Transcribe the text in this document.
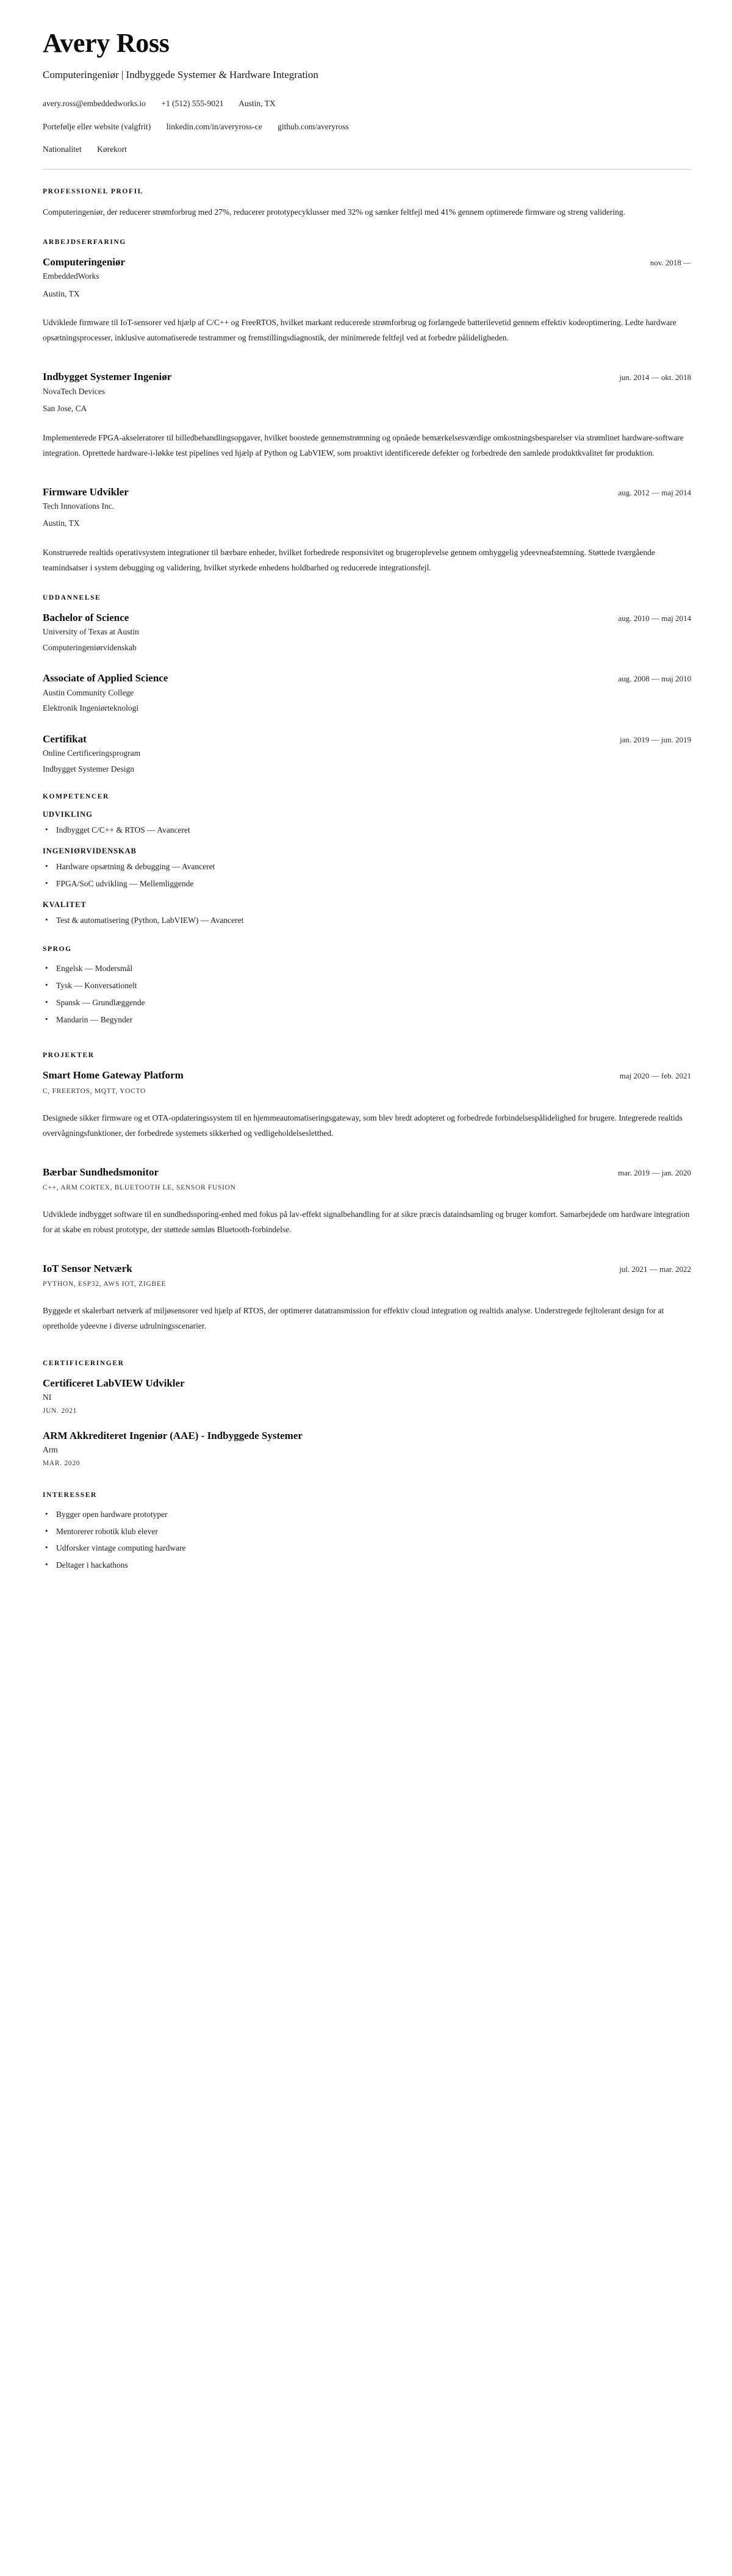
Avery Ross
Computeringeniør | Indbyggede Systemer & Hardware Integration
avery.ross@embeddedworks.io +1 (512) 555-9021 Austin, TX
Portefølje eller website (valgfrit) linkedin.com/in/averyross-ce github.com/averyross
Nationalitet Kørekort
PROFESSIONEL PROFIL

Computeringeniør, der reducerer strømforbrug med 27%, reducerer prototypecyklusser med 32% og sænker feltfejl med 41% gennem optimerede firmware og streng validering.

ARBEJDSERFARING
Computeringeniør	nov. 2018 —
EmbeddedWorks
Austin, TX

Udviklede firmware til IoT-sensorer ved hjælp af C/C++ og FreeRTOS, hvilket markant reducerede strømforbrug og forlængede batterilevetid gennem effektiv kodeoptimering. Ledte hardware opsætningsprocesser, inklusive automatiserede testrammer og fremstillingsdiagnostik, der minimerede feltfejl ved at forbedre pålideligheden.

Indbygget Systemer Ingeniør	jun. 2014 — okt. 2018
NovaTech Devices
San Jose, CA

Implementerede FPGA-akseleratorer til billedbehandlingsopgaver, hvilket boostede gennemstrømning og opnåede bemærkelsesværdige omkostningsbesparelser via strømlinet hardware-software integration. Oprettede hardware-i-løkke test pipelines ved hjælp af Python og LabVIEW, som proaktivt identificerede defekter og forbedrede den samlede produktkvalitet før produktion.

Firmware Udvikler	aug. 2012 — maj 2014
Tech Innovations Inc.
Austin, TX

Konstruerede realtids operativsystem integrationer til bærbare enheder, hvilket forbedrede responsivitet og brugeroplevelse gennem omhyggelig ydeevneafstemning. Støttede tværgående teamindsatser i system debugging og validering, hvilket styrkede enhedens holdbarhed og reducerede integrationsfejl.

UDDANNELSE
Bachelor of Science	aug. 2010 — maj 2014
University of Texas at Austin
Computeringeniørvidenskab
Associate of Applied Science	aug. 2008 — maj 2010
Austin Community College
Elektronik Ingeniørteknologi
Certifikat	jan. 2019 — jun. 2019
Online Certificeringsprogram
Indbygget Systemer Design
KOMPETENCER
UDVIKLING
• Indbygget C/C++ & RTOS — Avanceret
INGENIØRVIDENSKAB
• Hardware opsætning & debugging — Avanceret
• FPGA/SoC udvikling — Mellemliggende
KVALITET
• Test & automatisering (Python, LabVIEW) — Avanceret
SPROG
• Engelsk — Modersmål
• Tysk — Konversationelt
• Spansk — Grundlæggende
• Mandarin — Begynder
PROJEKTER
Smart Home Gateway Platform	maj 2020 — feb. 2021
C, FREERTOS, MQTT, YOCTO

Designede sikker firmware og et OTA-opdateringssystem til en hjemmeautomatiseringsgateway, som blev bredt adopteret og forbedrede forbindelsespålidelighed for brugere. Integrerede realtids overvågningsfunktioner, der forbedrede systemets sikkerhed og vedligeholdelsesletthed.

Bærbar Sundhedsmonitor	mar. 2019 — jan. 2020
C++, ARM CORTEX, BLUETOOTH LE, SENSOR FUSION

Udviklede indbygget software til en sundhedssporing-enhed med fokus på lav-effekt signalbehandling for at sikre præcis dataindsamling og bruger komfort. Samarbejdede om hardware integration for at skabe en robust prototype, der støttede sømløs Bluetooth-forbindelse.

IoT Sensor Netværk	jul. 2021 — mar. 2022
PYTHON, ESP32, AWS IOT, ZIGBEE

Byggede et skalerbart netværk af miljøsensorer ved hjælp af RTOS, der optimerer datatransmission for effektiv cloud integration og realtids analyse. Understregede fejltolerant design for at opretholde ydeevne i diverse udrulningsscenarier.

CERTIFICERINGER
Certificeret LabVIEW Udvikler
NI
JUN. 2021
ARM Akkrediteret Ingeniør (AAE) - Indbyggede Systemer
Arm
MAR. 2020
INTERESSER
• Bygger open hardware prototyper
• Mentorerer robotik klub elever
• Udforsker vintage computing hardware
• Deltager i hackathons
